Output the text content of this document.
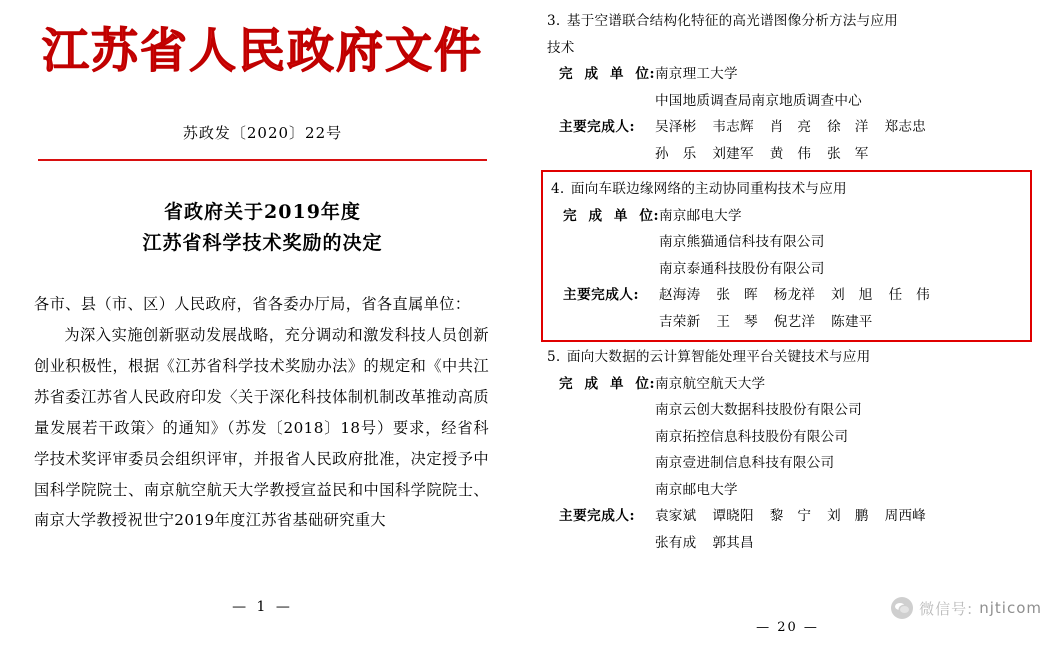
江苏省人民政府文件
苏政发〔2020〕22号
省政府关于2019年度
江苏省科学技术奖励的决定

各市、县（市、区）人民政府，省各委办厅局，省各直属单位：

为深入实施创新驱动发展战略，充分调动和激发科技人员创新创业积极性，根据《江苏省科学技术奖励办法》的规定和《中共江苏省委江苏省人民政府印发〈关于深化科技体制机制改革推动高质量发展若干政策〉的通知》（苏发〔2018〕18号）要求，经省科学技术奖评审委员会组织评审，并报省人民政府批准，决定授予中国科学院院士、南京航空航天大学教授宣益民和中国科学院院士、南京大学教授祝世宁2019年度江苏省基础研究重大

— 1 —
3. 基于空谱联合结构化特征的高光谱图像分析方法与应用
技术
完 成 单 位: 南京理工大学
中国地质调查局南京地质调查中心
主要完成人:	吴泽彬 韦志辉 肖　亮 徐　洋 郑志忠
孙　乐 刘建军 黄　伟 张　军
4. 面向车联边缘网络的主动协同重构技术与应用
完 成 单 位: 南京邮电大学
南京熊猫通信科技有限公司
南京泰通科技股份有限公司
主要完成人:	赵海涛 张　晖 杨龙祥 刘　旭 任　伟
吉荣新 王　琴 倪艺洋 陈建平
5. 面向大数据的云计算智能处理平台关键技术与应用
完 成 单 位: 南京航空航天大学
南京云创大数据科技股份有限公司
南京拓控信息科技股份有限公司
南京壹进制信息科技有限公司
南京邮电大学
主要完成人:	袁家斌 谭晓阳 黎　宁 刘　鹏 周西峰
张有成 郭其昌
微信号: njticom
— 20 —
